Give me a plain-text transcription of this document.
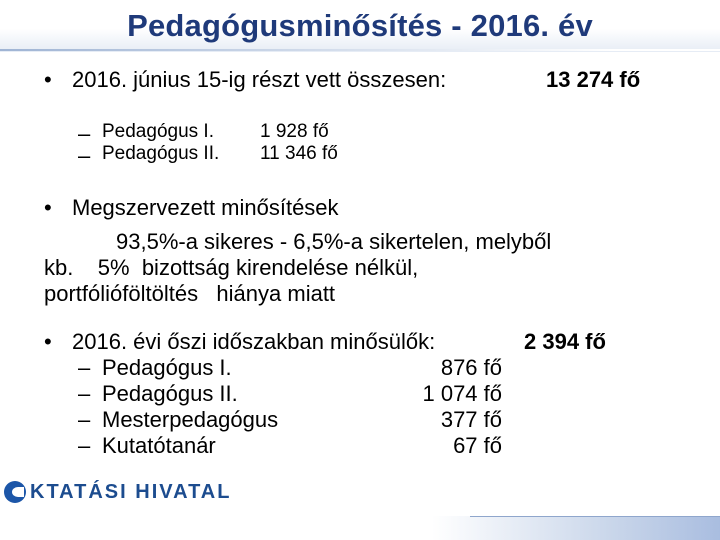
Pedagógusminősítés - 2016. év
• 2016. június 15-ig részt vett összesen:	13 274 fő
– Pedagógus I. 1 928 fő
– Pedagógus II. 11 346 fő
• Megszervezett minősítések
93,5%-a sikeres - 6,5%-a sikertelen, melyből
kb.    5%  bizottság kirendelése nélkül,
portfólióföltöltés   hiánya miatt
• 2016. évi őszi időszakban minősülők:	2 394 fő
– Pedagógus I.	876 fő
– Pedagógus II.	1 074 fő
– Mesterpedagógus	377 fő
– Kutatótanár	67 fő
KTATÁSI HIVATAL
